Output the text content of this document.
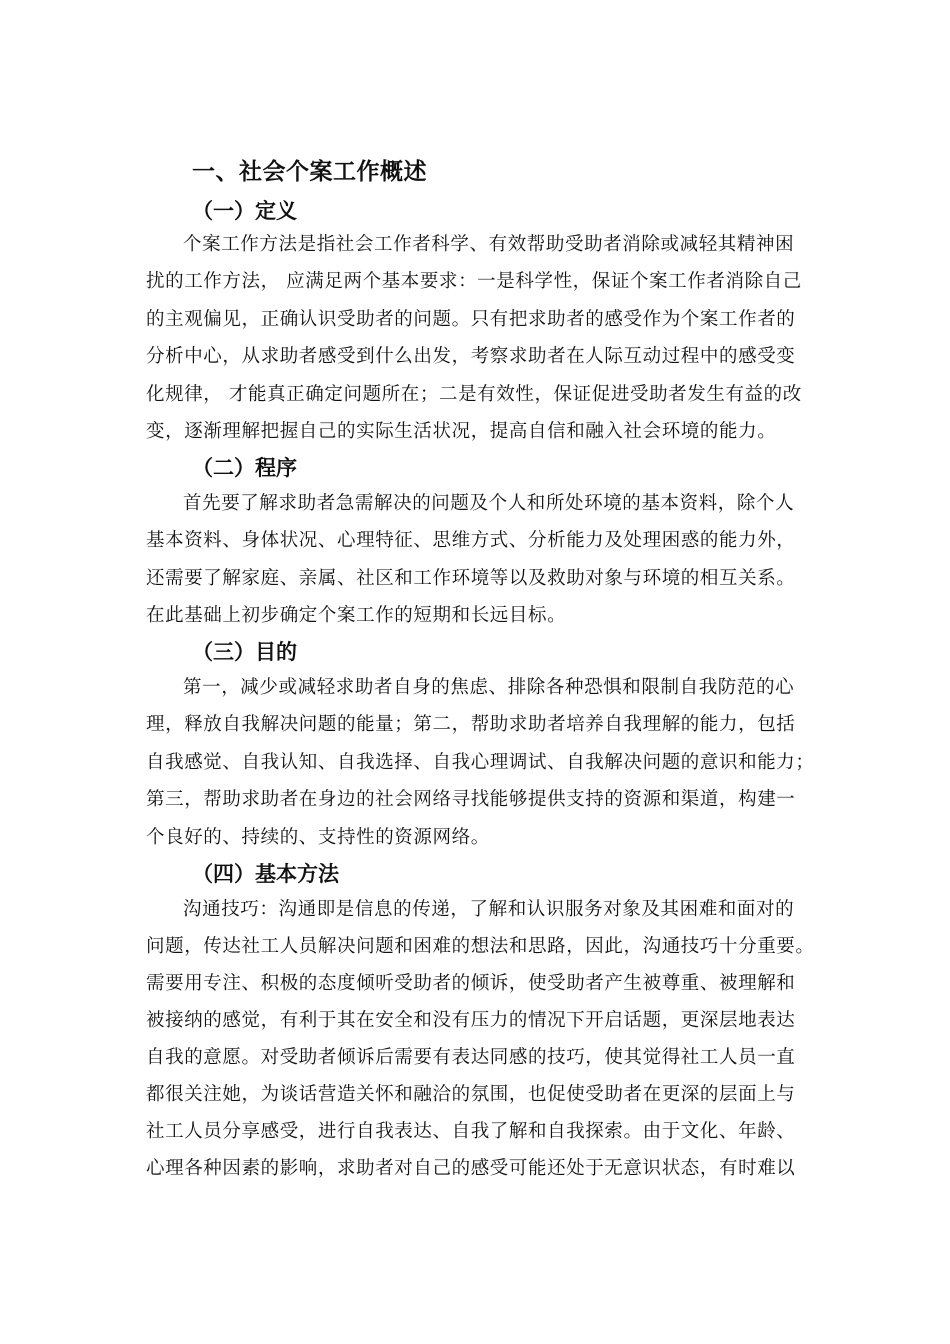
一、社会个案工作概述
（一）定义
个案工作方法是指社会工作者科学、有效帮助受助者消除或减轻其精神困
扰的工作方法， 应满足两个基本要求：一是科学性，保证个案工作者消除自己
的主观偏见，正确认识受助者的问题。只有把求助者的感受作为个案工作者的
分析中心，从求助者感受到什么出发，考察求助者在人际互动过程中的感受变
化规律， 才能真正确定问题所在；二是有效性，保证促进受助者发生有益的改
变，逐渐理解把握自己的实际生活状况，提高自信和融入社会环境的能力。
（二）程序
首先要了解求助者急需解决的问题及个人和所处环境的基本资料，除个人
基本资料、身体状况、心理特征、思维方式、分析能力及处理困惑的能力外，
还需要了解家庭、亲属、社区和工作环境等以及救助对象与环境的相互关系。
在此基础上初步确定个案工作的短期和长远目标。
（三）目的
第一，减少或减轻求助者自身的焦虑、排除各种恐惧和限制自我防范的心
理，释放自我解决问题的能量；第二，帮助求助者培养自我理解的能力，包括
自我感觉、自我认知、自我选择、自我心理调试、自我解决问题的意识和能力；
第三，帮助求助者在身边的社会网络寻找能够提供支持的资源和渠道，构建一
个良好的、持续的、支持性的资源网络。
（四）基本方法
沟通技巧：沟通即是信息的传递，了解和认识服务对象及其困难和面对的
问题，传达社工人员解决问题和困难的想法和思路，因此，沟通技巧十分重要。
需要用专注、积极的态度倾听受助者的倾诉，使受助者产生被尊重、被理解和
被接纳的感觉，有利于其在安全和没有压力的情况下开启话题，更深层地表达
自我的意愿。对受助者倾诉后需要有表达同感的技巧，使其觉得社工人员一直
都很关注她，为谈话营造关怀和融洽的氛围，也促使受助者在更深的层面上与
社工人员分享感受，进行自我表达、自我了解和自我探索。由于文化、年龄、
心理各种因素的影响，求助者对自己的感受可能还处于无意识状态，有时难以
